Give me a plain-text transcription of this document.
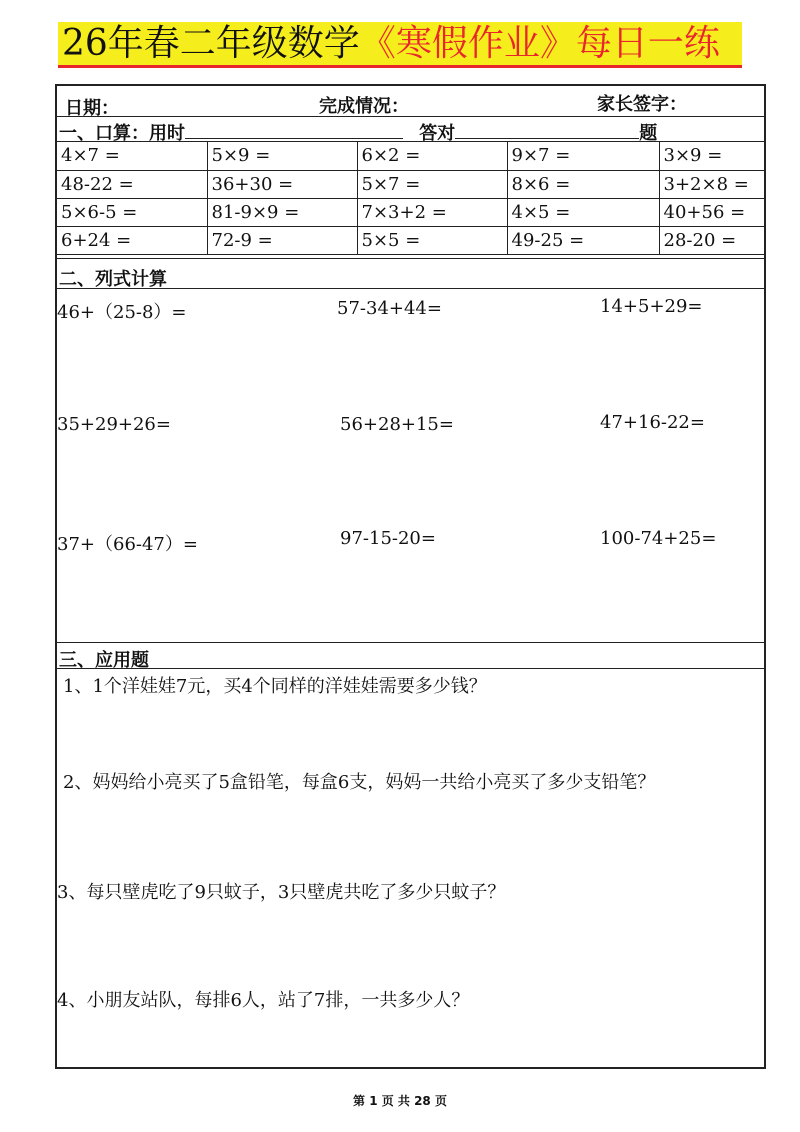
26年春二年级数学《寒假作业》每日一练
日期：	完成情况：	家长签字：
一、口算：用时	答对	题
4×7 =	5×9 =	6×2 =	9×7 =	3×9 =
48-22 =	36+30 =	5×7 =	8×6 =	3+2×8 =
5×6-5 =	81-9×9 =	7×3+2 =	4×5 =	40+56 =
6+24 =	72-9 =	5×5 =	49-25 =	28-20 =
二、列式计算
46+（25-8）=	57-34+44=	14+5+29=
35+29+26=	56+28+15=	47+16-22=
37+（66-47）=	97-15-20=	100-74+25=
三、应用题
1、1个洋娃娃7元，买4个同样的洋娃娃需要多少钱？
2、妈妈给小亮买了5盒铅笔，每盒6支，妈妈一共给小亮买了多少支铅笔？
3、每只壁虎吃了9只蚊子，3只壁虎共吃了多少只蚊子？
4、小朋友站队，每排6人，站了7排，一共多少人？
第 1 页 共 28 页
